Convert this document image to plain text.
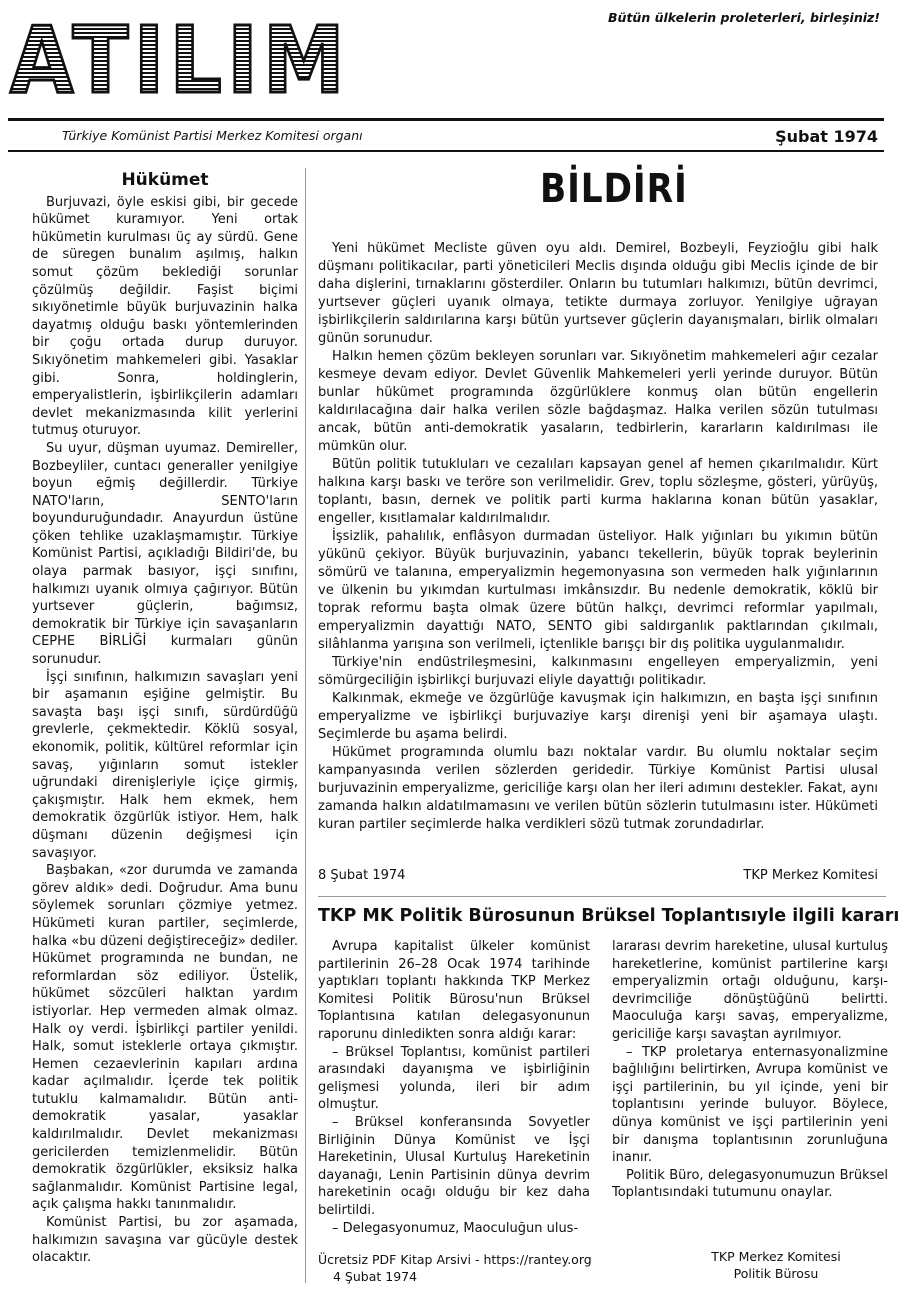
Bütün ülkelerin proleterleri, birleşiniz!
ATILIM
Türkiye Komünist Partisi Merkez Komitesi organı	Şubat 1974
Hükümet

Burjuvazi, öyle eskisi gibi, bir gecede hükümet kuramıyor. Yeni ortak hükümetin kurulması üç ay sürdü. Gene de süregen bunalım aşılmış, halkın somut çözüm beklediği sorunlar çözülmüş değildir. Faşist biçimi sıkıyönetimle büyük burjuvazinin halka dayatmış olduğu baskı yöntemlerinden bir çoğu ortada durup duruyor. Sıkıyönetim mahkemeleri gibi. Yasaklar gibi. Sonra, holdinglerin, emperyalistlerin, işbirlikçilerin adamları devlet mekanizmasında kilit yerlerini tutmuş oturuyor.

Su uyur, düşman uyumaz. Demireller, Bozbeyliler, cuntacı generaller yenilgiye boyun eğmiş değillerdir. Türkiye NATO'ların, SENTO'ların boyunduruğundadır. Anayurdun üstüne çöken tehlike uzaklaşmamıştır. Türkiye Komünist Partisi, açıkladığı Bildiri'de, bu olaya parmak basıyor, işçi sınıfını, halkımızı uyanık olmıya çağırıyor. Bütün yurtsever güçlerin, bağımsız, demokratik bir Türkiye için savaşanların CEPHE BİRLİĞİ kurmaları günün sorunudur.

İşçi sınıfının, halkımızın savaşları yeni bir aşamanın eşiğine gelmiştir. Bu savaşta başı işçi sınıfı, sürdürdüğü grevlerle, çekmektedir. Köklü sosyal, ekonomik, politik, kültürel reformlar için savaş, yığınların somut istekler uğrundaki direnişleriyle içiçe girmiş, çakışmıştır. Halk hem ekmek, hem demokratik özgürlük istiyor. Hem, halk düşmanı düzenin değişmesi için savaşıyor.

Başbakan, «zor durumda ve zamanda görev aldık» dedi. Doğrudur. Ama bunu söylemek sorunları çözmiye yetmez. Hükümeti kuran partiler, seçimlerde, halka «bu düzeni değiştireceğiz» dediler. Hükümet programında ne bundan, ne reformlardan söz ediliyor. Üstelik, hükümet sözcüleri halktan yardım istiyorlar. Hep vermeden almak olmaz. Halk oy verdi. İşbirlikçi partiler yenildi. Halk, somut isteklerle ortaya çıkmıştır. Hemen cezaevlerinin kapıları ardına kadar açılmalıdır. İçerde tek politik tutuklu kalmamalıdır. Bütün anti-demokratik yasalar, yasaklar kaldırılmalıdır. Devlet mekanizması gericilerden temizlenmelidir. Bütün demokratik özgürlükler, eksiksiz halka sağlanmalıdır. Komünist Partisine legal, açık çalışma hakkı tanınmalıdır.

Komünist Partisi, bu zor aşamada, halkımızın savaşına var gücüyle destek olacaktır.

BİLDİRİ

Yeni hükümet Mecliste güven oyu aldı. Demirel, Bozbeyli, Feyzioğlu gibi halk düşmanı politikacılar, parti yöneticileri Meclis dışında olduğu gibi Meclis içinde de bir daha dişlerini, tırnaklarını gösterdiler. Onların bu tutumları halkımızı, bütün devrimci, yurtsever güçleri uyanık olmaya, tetikte durmaya zorluyor. Yenilgiye uğrayan işbirlikçilerin saldırılarına karşı bütün yurtsever güçlerin dayanışmaları, birlik olmaları günün sorunudur.

Halkın hemen çözüm bekleyen sorunları var. Sıkıyönetim mahkemeleri ağır cezalar kesmeye devam ediyor. Devlet Güvenlik Mahkemeleri yerli yerinde duruyor. Bütün bunlar hükümet programında özgürlüklere konmuş olan bütün engellerin kaldırılacağına dair halka verilen sözle bağdaşmaz. Halka verilen sözün tutulması ancak, bütün anti-demokratik yasaların, tedbirlerin, kararların kaldırılması ile mümkün olur.

Bütün politik tutukluları ve cezalıları kapsayan genel af hemen çıkarılmalıdır. Kürt halkına karşı baskı ve teröre son verilmelidir. Grev, toplu sözleşme, gösteri, yürüyüş, toplantı, basın, dernek ve politik parti kurma haklarına konan bütün yasaklar, engeller, kısıtlamalar kaldırılmalıdır.

İşsizlik, pahalılık, enflâsyon durmadan üsteliyor. Halk yığınları bu yıkımın bütün yükünü çekiyor. Büyük burjuvazinin, yabancı tekellerin, büyük toprak beylerinin sömürü ve talanına, emperyalizmin hegemonyasına son vermeden halk yığınlarının ve ülkenin bu yıkımdan kurtulması imkânsızdır. Bu nedenle demokratik, köklü bir toprak reformu başta olmak üzere bütün halkçı, devrimci reformlar yapılmalı, emperyalizmin dayattığı NATO, SENTO gibi saldırganlık paktlarından çıkılmalı, silâhlanma yarışına son verilmeli, içtenlikle barışçı bir dış politika uygulanmalıdır.

Türkiye'nin endüstrileşmesini, kalkınmasını engelleyen emperyalizmin, yeni sömürgeciliğin işbirlikçi burjuvazi eliyle dayattığı politikadır.

Kalkınmak, ekmeğe ve özgürlüğe kavuşmak için halkımızın, en başta işçi sınıfının emperyalizme ve işbirlikçi burjuvaziye karşı direnişi yeni bir aşamaya ulaştı. Seçimlerde bu aşama belirdi.

Hükümet programında olumlu bazı noktalar vardır. Bu olumlu noktalar seçim kampanyasında verilen sözlerden geridedir. Türkiye Komünist Partisi ulusal burjuvazinin emperyalizme, gericiliğe karşı olan her ileri adımını destekler. Fakat, aynı zamanda halkın aldatılmamasını ve verilen bütün sözlerin tutulmasını ister. Hükümeti kuran partiler seçimlerde halka verdikleri sözü tutmak zorundadırlar.

8 Şubat 1974	TKP Merkez Komitesi
TKP MK Politik Bürosunun Brüksel Toplantısıyle ilgili kararı

Avrupa kapitalist ülkeler komünist partilerinin 26–28 Ocak 1974 tarihinde yaptıkları toplantı hakkında TKP Merkez Komitesi Politik Bürosu'nun Brüksel Toplantısına katılan delegasyonunun raporunu dinledikten sonra aldığı karar:

– Brüksel Toplantısı, komünist partileri arasındaki dayanışma ve işbirliğinin gelişmesi yolunda, ileri bir adım olmuştur.

– Brüksel konferansında Sovyetler Birliğinin Dünya Komünist ve İşçi Hareketinin, Ulusal Kurtuluş Hareketinin dayanağı, Lenin Partisinin dünya devrim hareketinin ocağı olduğu bir kez daha belirtildi.

– Delegasyonumuz, Maoculuğun ulus-

lararası devrim hareketine, ulusal kurtuluş hareketlerine, komünist partilerine karşı emperyalizmin ortağı olduğunu, karşı-devrimciliğe dönüştüğünü belirtti. Maoculuğa karşı savaş, emperyalizme, gericiliğe karşı savaştan ayrılmıyor.

– TKP proletarya enternasyonalizmine bağlılığını belirtirken, Avrupa komünist ve işçi partilerinin, bu yıl içinde, yeni bir toplantısını yerinde buluyor. Böylece, dünya komünist ve işçi partilerinin yeni bir danışma toplantısının zorunluğuna inanır.

Politik Büro, delegasyonumuzun Brüksel Toplantısındaki tutumunu onaylar.

Ücretsiz PDF Kitap Arsivi - https://rantey.org
4 Şubat 1974
TKP Merkez Komitesi
Politik Bürosu
